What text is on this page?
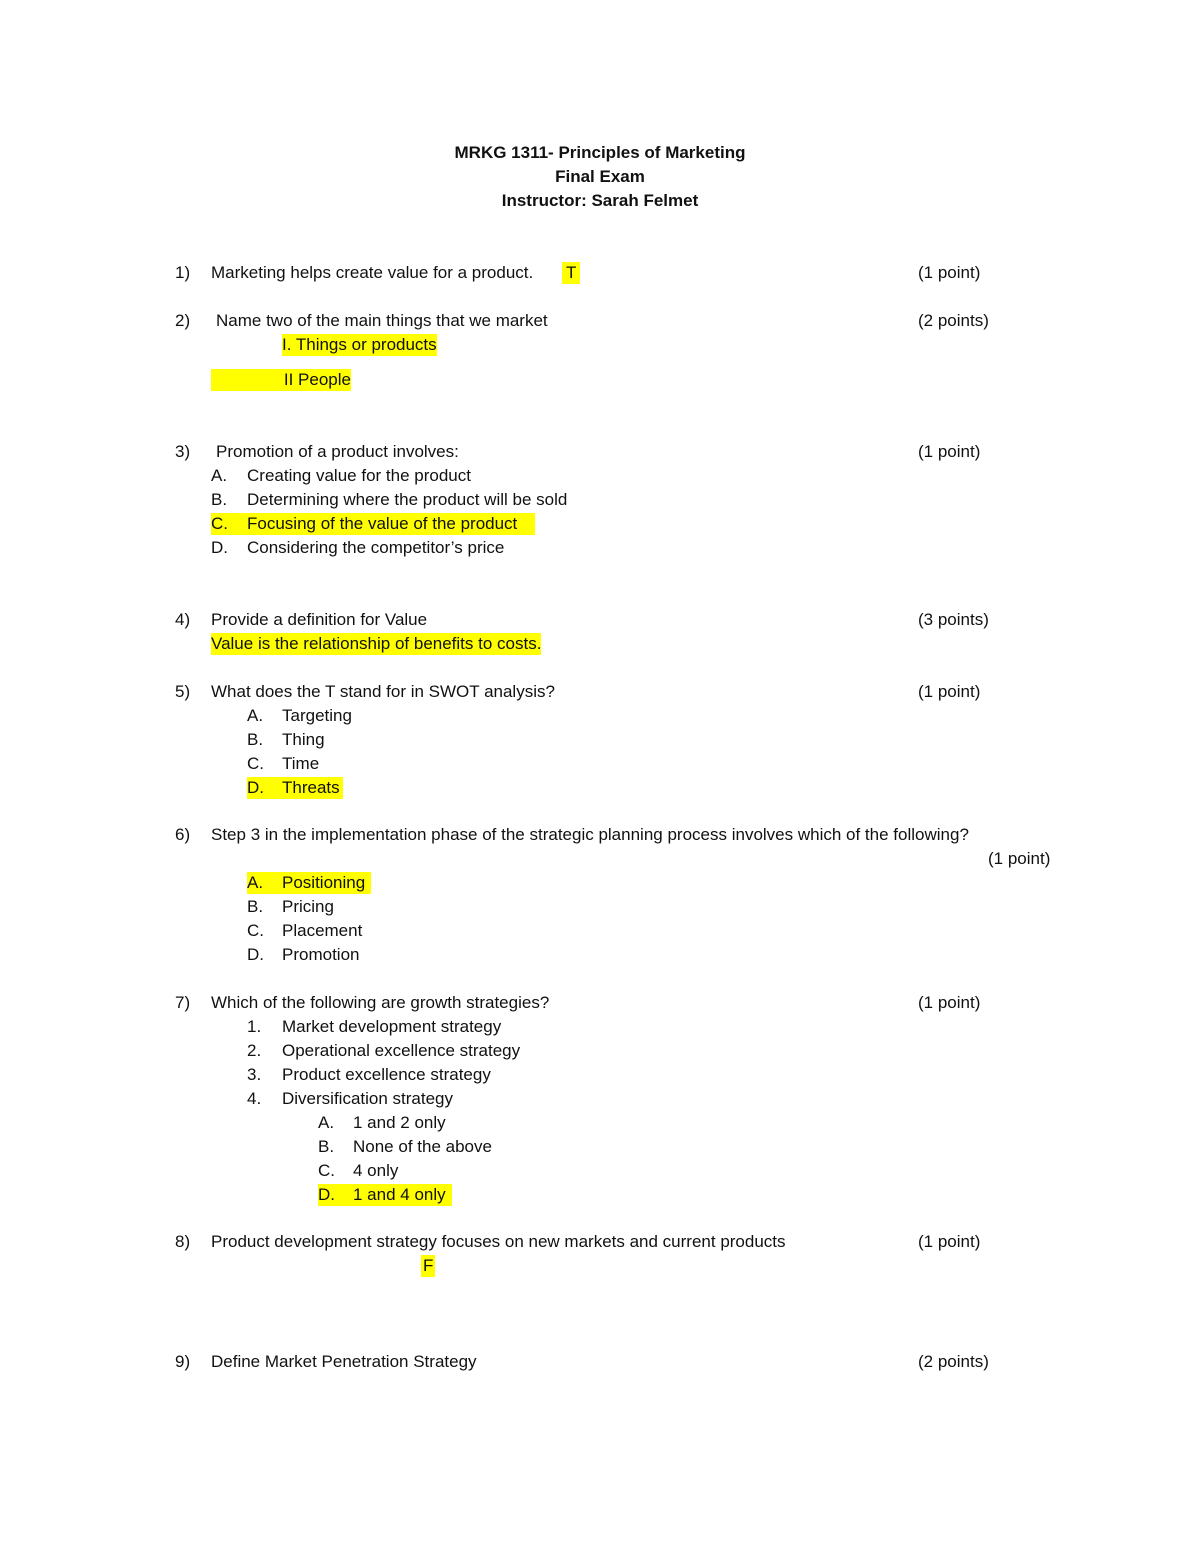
MRKG 1311- Principles of Marketing
Final Exam
Instructor: Sarah Felmet
1) Marketing helps create value for a product. T	(1 point)
2) Name two of the main things that we market	(2 points)
I. Things or products
II People
3) Promotion of a product involves:	(1 point)
A. Creating value for the product
B. Determining where the product will be sold
C. Focusing of the value of the product
D. Considering the competitor’s price
4) Provide a definition for Value	(3 points)
Value is the relationship of benefits to costs.
5) What does the T stand for in SWOT analysis?	(1 point)
A. Targeting
B. Thing
C. Time
D. Threats
6) Step 3 in the implementation phase of the strategic planning process involves which of the following?
(1 point)
A. Positioning
B. Pricing
C. Placement
D. Promotion
7) Which of the following are growth strategies?	(1 point)
1. Market development strategy
2. Operational excellence strategy
3. Product excellence strategy
4. Diversification strategy
A. 1 and 2 only
B. None of the above
C. 4 only
D. 1 and 4 only
8) Product development strategy focuses on new markets and current products	(1 point)
F
9) Define Market Penetration Strategy	(2 points)
